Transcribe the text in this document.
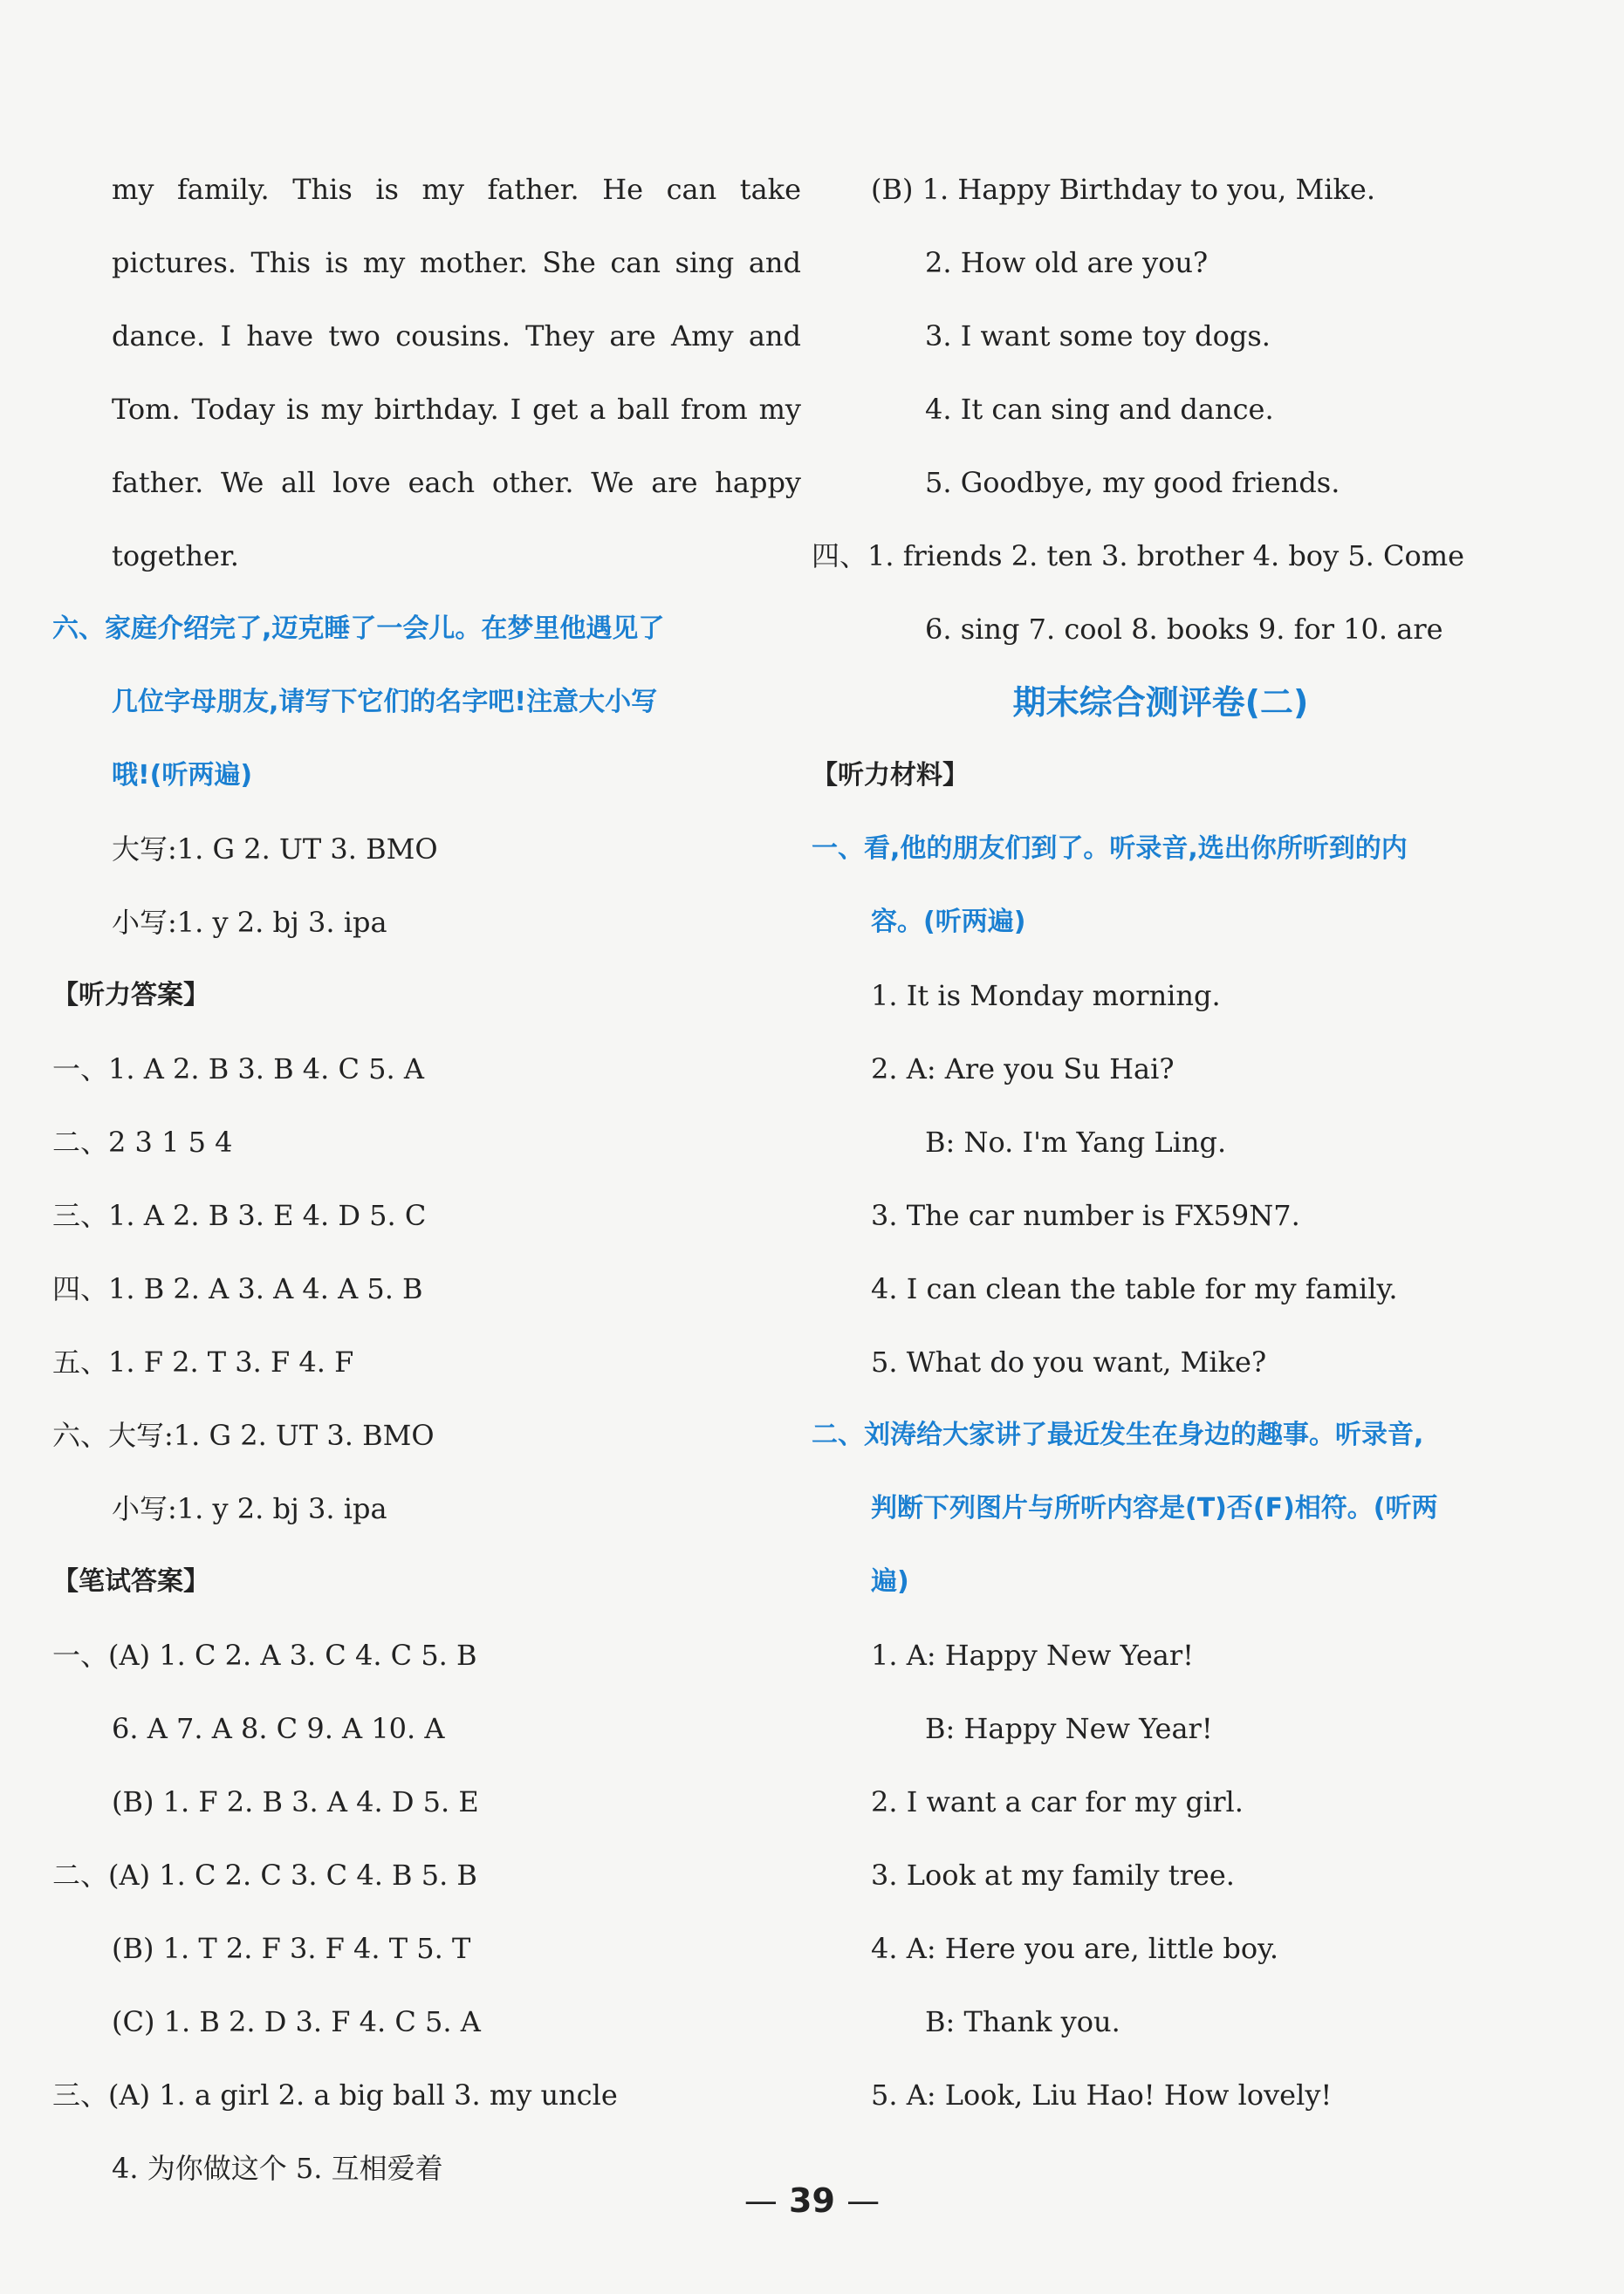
my family. This is my father. He can take
pictures. This is my mother. She can sing and
dance. I have two cousins. They are Amy and
Tom. Today is my birthday. I get a ball from my
father. We all love each other. We are happy
together.
六、家庭介绍完了,迈克睡了一会儿。在梦里他遇见了
几位字母朋友,请写下它们的名字吧!注意大小写
哦!(听两遍)
大写:1. G 2. UT 3. BMO
小写:1. y 2. bj 3. ipa
【听力答案】
一、1. A 2. B 3. B 4. C 5. A
二、2 3 1 5 4
三、1. A 2. B 3. E 4. D 5. C
四、1. B 2. A 3. A 4. A 5. B
五、1. F 2. T 3. F 4. F
六、大写:1. G 2. UT 3. BMO
小写:1. y 2. bj 3. ipa
【笔试答案】
一、(A) 1. C 2. A 3. C 4. C 5. B
6. A 7. A 8. C 9. A 10. A
(B) 1. F 2. B 3. A 4. D 5. E
二、(A) 1. C 2. C 3. C 4. B 5. B
(B) 1. T 2. F 3. F 4. T 5. T
(C) 1. B 2. D 3. F 4. C 5. A
三、(A) 1. a girl 2. a big ball 3. my uncle
4. 为你做这个 5. 互相爱着
(B) 1. Happy Birthday to you, Mike.
2. How old are you?
3. I want some toy dogs.
4. It can sing and dance.
5. Goodbye, my good friends.
四、1. friends 2. ten 3. brother 4. boy 5. Come
6. sing 7. cool 8. books 9. for 10. are
期末综合测评卷(二)
【听力材料】
一、看,他的朋友们到了。听录音,选出你所听到的内
容。(听两遍)
1. It is Monday morning.
2. A: Are you Su Hai?
B: No. I'm Yang Ling.
3. The car number is FX59N7.
4. I can clean the table for my family.
5. What do you want, Mike?
二、刘涛给大家讲了最近发生在身边的趣事。听录音,
判断下列图片与所听内容是(T)否(F)相符。(听两
遍)
1. A: Happy New Year!
B: Happy New Year!
2. I want a car for my girl.
3. Look at my family tree.
4. A: Here you are, little boy.
B: Thank you.
5. A: Look, Liu Hao! How lovely!
— 39 —
